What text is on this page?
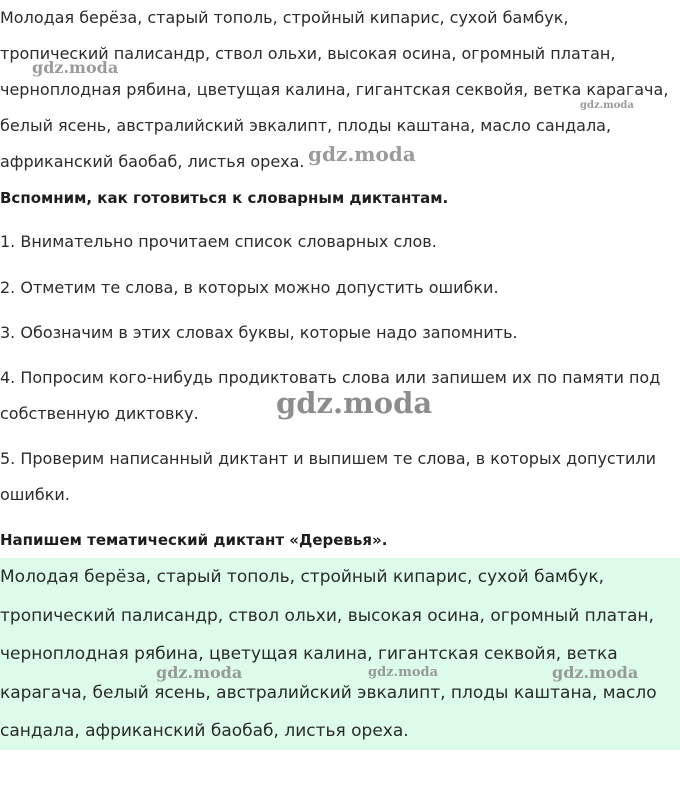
Молодая берёза, старый тополь, стройный кипарис, сухой бамбук, тропический палисандр, ствол ольхи, высокая осина, огромный платан, черноплодная рябина, цветущая калина, гигантская секвойя, ветка карагача, белый ясень, австралийский эвкалипт, плоды каштана, масло сандала, африканский баобаб, листья ореха.

Вспомним, как готовиться к словарным диктантам.

1. Внимательно прочитаем список словарных слов.

2. Отметим те слова, в которых можно допустить ошибки.

3. Обозначим в этих словах буквы, которые надо запомнить.

4. Попросим кого-нибудь продиктовать слова или запишем их по памяти под собственную диктовку.

5. Проверим написанный диктант и выпишем те слова, в которых допустили ошибки.

Напишем тематический диктант «Деревья».

Молодая берёза, старый тополь, стройный кипарис, сухой бамбук, тропический палисандр, ствол ольхи, высокая осина, огромный платан, черноплодная рябина, цветущая калина, гигантская секвойя, ветка карагача, белый ясень, австралийский эвкалипт, плоды каштана, масло сандала, африканский баобаб, листья ореха.

gdz.moda
gdz.moda
gdz.moda
gdz.moda
gdz.moda	gdz.moda	gdz.moda
